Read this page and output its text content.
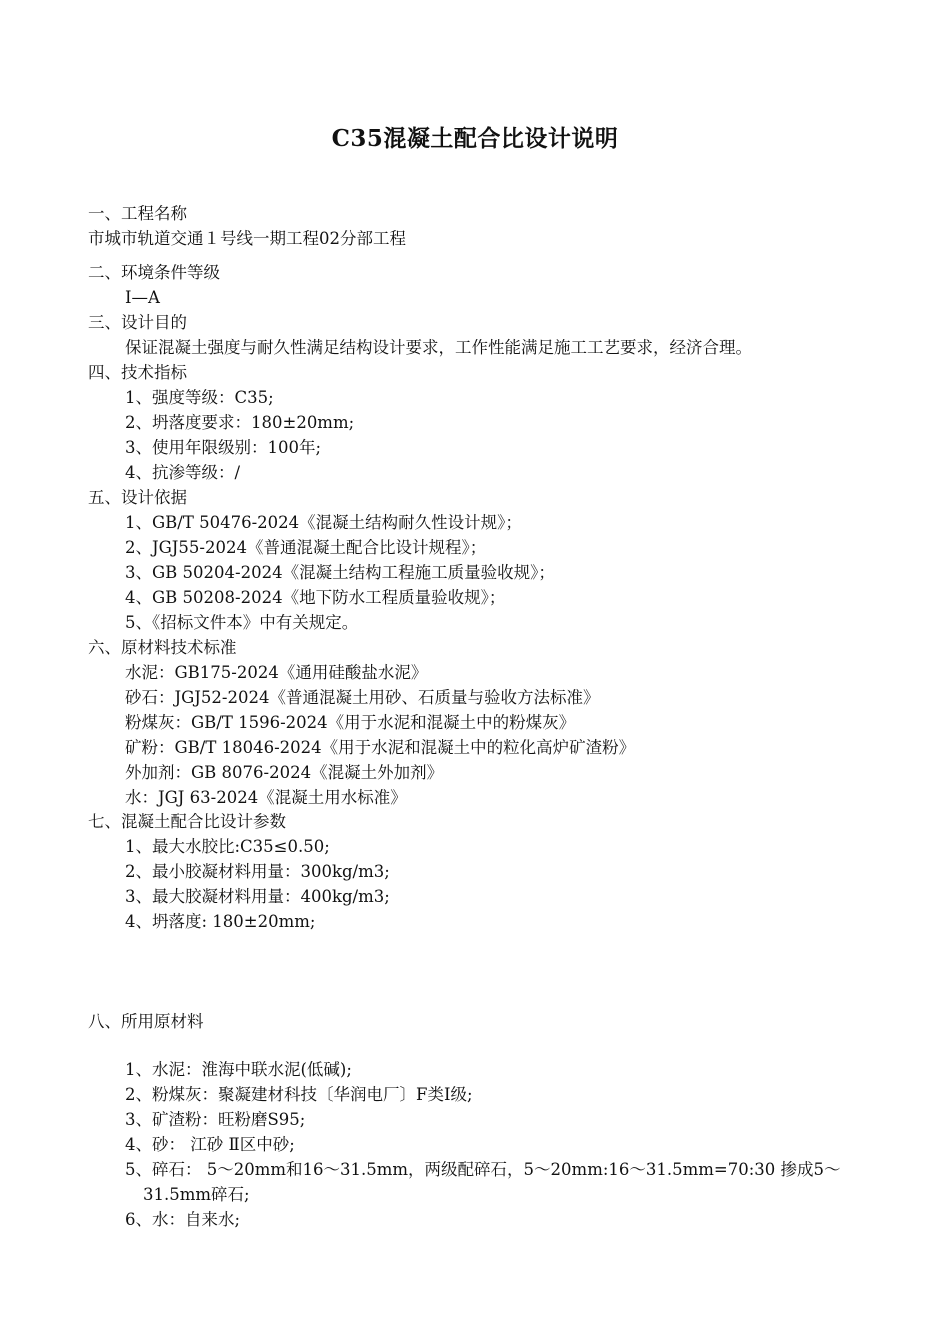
C35混凝土配合比设计说明
一、工程名称
市城市轨道交通１号线一期工程02分部工程
二、环境条件等级
Ⅰ—A
三、设计目的
保证混凝土强度与耐久性满足结构设计要求，工作性能满足施工工艺要求，经济合理。
四、技术指标
1、强度等级：C35;
2、坍落度要求：180±20mm;
3、使用年限级别：100年;
4、抗渗等级：/
五、设计依据
1、GB/T 50476-2024《混凝土结构耐久性设计规》；
2、JGJ55-2024《普通混凝土配合比设计规程》；
3、GB 50204-2024《混凝土结构工程施工质量验收规》；
4、GB 50208-2024《地下防水工程质量验收规》；
5、《招标文件本》中有关规定。
六、原材料技术标准
水泥：GB175-2024《通用硅酸盐水泥》
砂石：JGJ52-2024《普通混凝土用砂、石质量与验收方法标准》
粉煤灰：GB/T 1596-2024《用于水泥和混凝土中的粉煤灰》
矿粉：GB/T 18046-2024《用于水泥和混凝土中的粒化高炉矿渣粉》
外加剂：GB 8076-2024《混凝土外加剂》
水：JGJ 63-2024《混凝土用水标准》
七、混凝土配合比设计参数
1、最大水胶比:C35≤0.50;
2、最小胶凝材料用量：300kg/m3;
3、最大胶凝材料用量：400kg/m3;
4、坍落度: 180±20mm;
八、所用原材料
1、水泥：淮海中联水泥(低碱);
2、粉煤灰：聚凝建材科技〔华润电厂〕F类Ⅰ级;
3、矿渣粉：旺粉磨S95;
4、砂： 江砂 Ⅱ区中砂;
5、碎石： 5～20mm和16～31.5mm，两级配碎石，5～20mm:16～31.5mm=70:30 掺成5～
31.5mm碎石;
6、水：自来水;
